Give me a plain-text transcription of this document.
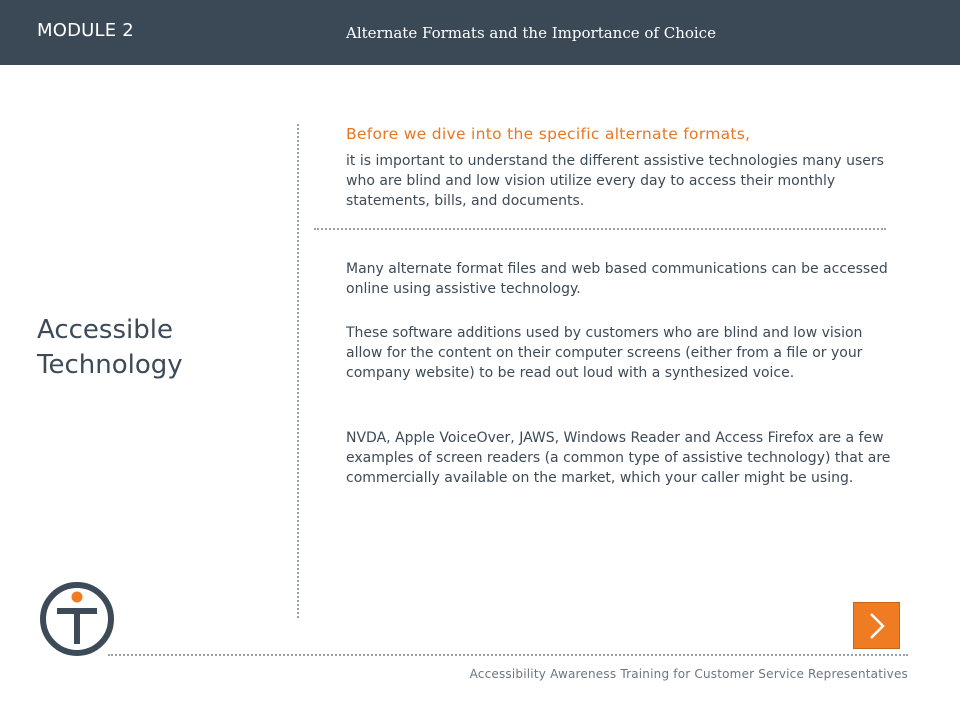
MODULE 2	Alternate Formats and the Importance of Choice
Accessible Technology
Before we dive into the specific alternate formats,
it is important to understand the different assistive technologies many users who are blind and low vision utilize every day to access their monthly statements, bills, and documents.

Many alternate format files and web based communications can be accessed online using assistive technology.

These software additions used by customers who are blind and low vision allow for the content on their computer screens (either from a file or your company website) to be read out loud with a synthesized voice.

NVDA, Apple VoiceOver, JAWS, Windows Reader and Access Firefox are a few examples of screen readers (a common type of assistive technology) that are commercially available on the market, which your caller might be using.

Accessibility Awareness Training for Customer Service Representatives
